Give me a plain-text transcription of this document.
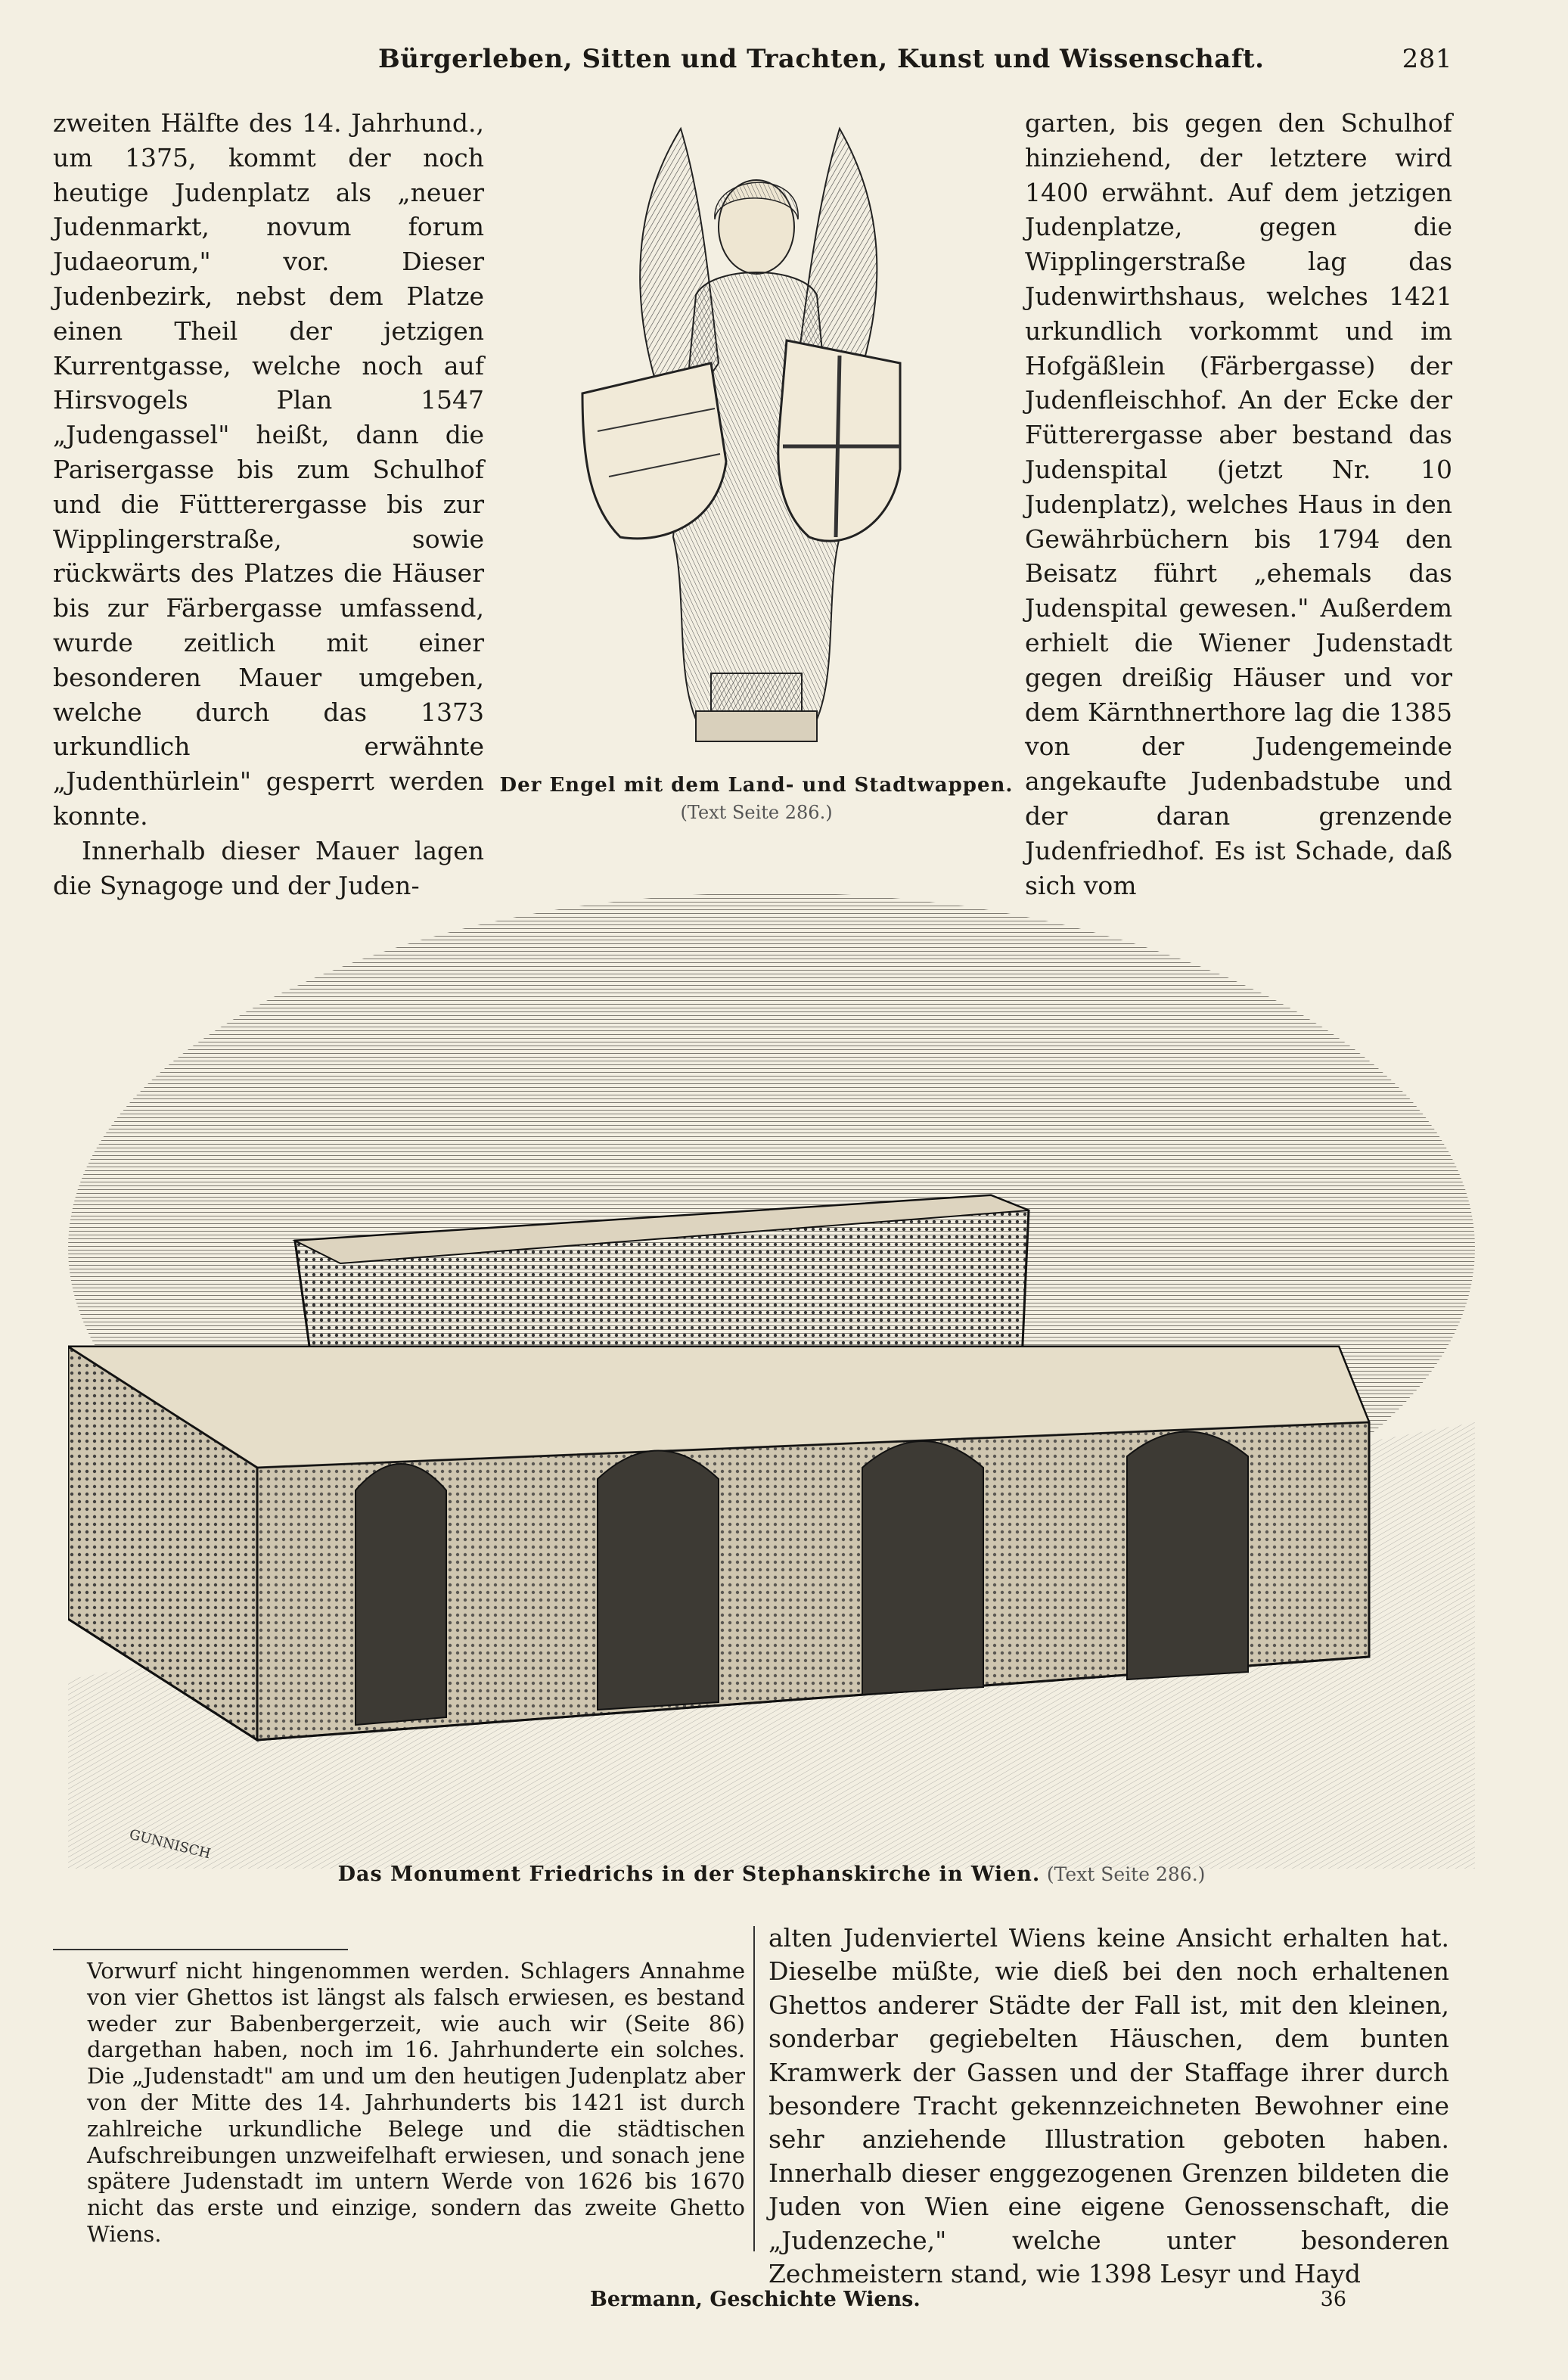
Bürgerleben, Sitten und Trachten, Kunst und Wissenschaft.	281

zweiten Hälfte des 14. Jahrhund., um 1375, kommt der noch heutige Judenplatz als „neuer Judenmarkt, novum forum Judaeorum," vor. Dieser Judenbezirk, nebst dem Platze einen Theil der jetzigen Kurrentgasse, welche noch auf Hirsvogels Plan 1547 „Judengassel" heißt, dann die Parisergasse bis zum Schulhof und die Füttterergasse bis zur Wipplingerstraße, sowie rückwärts des Platzes die Häuser bis zur Färbergasse umfassend, wurde zeitlich mit einer besonderen Mauer umgeben, welche durch das 1373 urkundlich erwähnte „Judenthürlein" gesperrt werden konnte.

Innerhalb dieser Mauer lagen die Synagoge und der Juden-

Der Engel mit dem Land- und Stadtwappen.
(Text Seite 286.)

garten, bis gegen den Schulhof hinziehend, der letztere wird 1400 erwähnt. Auf dem jetzigen Judenplatze, gegen die Wipplingerstraße lag das Judenwirthshaus, welches 1421 urkundlich vorkommt und im Hofgäßlein (Färbergasse) der Judenfleischhof. An der Ecke der Fütterergasse aber bestand das Judenspital (jetzt Nr. 10 Judenplatz), welches Haus in den Gewährbüchern bis 1794 den Beisatz führt „ehemals das Judenspital gewesen." Außerdem erhielt die Wiener Judenstadt gegen dreißig Häuser und vor dem Kärnthnerthore lag die 1385 von der Judengemeinde angekaufte Judenbadstube und der daran grenzende Judenfriedhof. Es ist Schade, daß sich vom

GUNNISCH
Das Monument Friedrichs in der Stephanskirche in Wien. (Text Seite 286.)
Vorwurf nicht hingenommen werden. Schlagers Annahme von vier Ghettos ist längst als falsch erwiesen, es bestand weder zur Babenbergerzeit, wie auch wir (Seite 86) dargethan haben, noch im 16. Jahrhunderte ein solches. Die „Judenstadt" am und um den heutigen Judenplatz aber von der Mitte des 14. Jahrhunderts bis 1421 ist durch zahlreiche urkundliche Belege und die städtischen Aufschreibungen unzweifelhaft erwiesen, und sonach jene spätere Judenstadt im untern Werde von 1626 bis 1670 nicht das erste und einzige, sondern das zweite Ghetto Wiens.
alten Judenviertel Wiens keine Ansicht erhalten hat. Dieselbe müßte, wie dieß bei den noch erhaltenen Ghettos anderer Städte der Fall ist, mit den kleinen, sonderbar gegiebelten Häuschen, dem bunten Kramwerk der Gassen und der Staffage ihrer durch besondere Tracht gekennzeichneten Bewohner eine sehr anziehende Illustration geboten haben. Innerhalb dieser enggezogenen Grenzen bildeten die Juden von Wien eine eigene Genossenschaft, die „Judenzeche," welche unter besonderen Zechmeistern stand, wie 1398 Lesyr und Hayd
Bermann, Geschichte Wiens.	36
